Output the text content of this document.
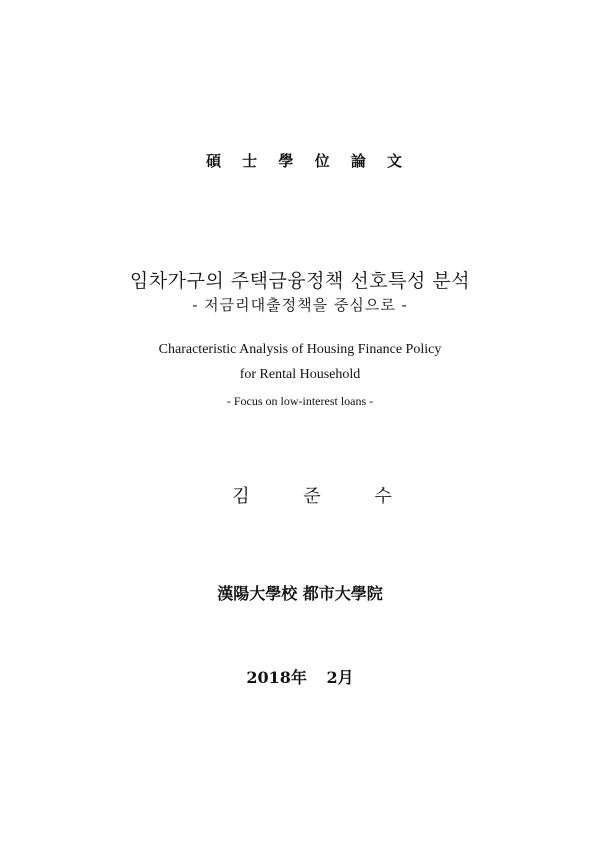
碩 士 學 位 論 文
임차가구의 주택금융정책 선호특성 분석
- 저금리대출정책을 중심으로 -
Characteristic Analysis of Housing Finance Policy
for Rental Household
- Focus on low-interest loans -
김 준 수
漢陽大學校 都市大學院
2018年 2月
